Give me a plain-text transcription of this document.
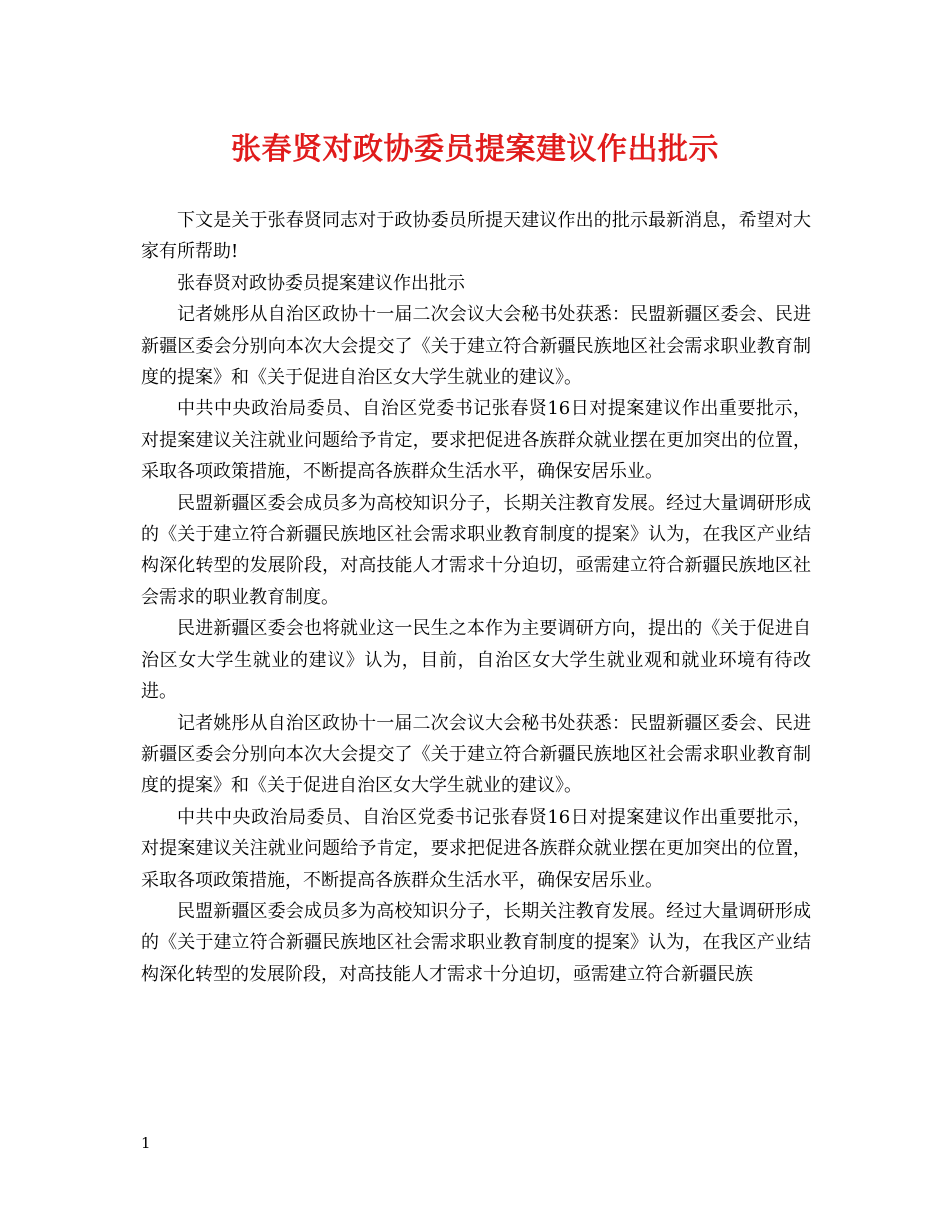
张春贤对政协委员提案建议作出批示

下文是关于张春贤同志对于政协委员所提天建议作出的批示最新消息，希望对大家有所帮助!

张春贤对政协委员提案建议作出批示

记者姚彤从自治区政协十一届二次会议大会秘书处获悉：民盟新疆区委会、民进新疆区委会分别向本次大会提交了《关于建立符合新疆民族地区社会需求职业教育制度的提案》和《关于促进自治区女大学生就业的建议》。

中共中央政治局委员、自治区党委书记张春贤16日对提案建议作出重要批示，对提案建议关注就业问题给予肯定，要求把促进各族群众就业摆在更加突出的位置，采取各项政策措施，不断提高各族群众生活水平，确保安居乐业。

民盟新疆区委会成员多为高校知识分子，长期关注教育发展。经过大量调研形成的《关于建立符合新疆民族地区社会需求职业教育制度的提案》认为，在我区产业结构深化转型的发展阶段，对高技能人才需求十分迫切，亟需建立符合新疆民族地区社会需求的职业教育制度。

民进新疆区委会也将就业这一民生之本作为主要调研方向，提出的《关于促进自治区女大学生就业的建议》认为，目前，自治区女大学生就业观和就业环境有待改进。

记者姚彤从自治区政协十一届二次会议大会秘书处获悉：民盟新疆区委会、民进新疆区委会分别向本次大会提交了《关于建立符合新疆民族地区社会需求职业教育制度的提案》和《关于促进自治区女大学生就业的建议》。

中共中央政治局委员、自治区党委书记张春贤16日对提案建议作出重要批示，对提案建议关注就业问题给予肯定，要求把促进各族群众就业摆在更加突出的位置，采取各项政策措施，不断提高各族群众生活水平，确保安居乐业。

民盟新疆区委会成员多为高校知识分子，长期关注教育发展。经过大量调研形成的《关于建立符合新疆民族地区社会需求职业教育制度的提案》认为，在我区产业结构深化转型的发展阶段，对高技能人才需求十分迫切，亟需建立符合新疆民族

1
